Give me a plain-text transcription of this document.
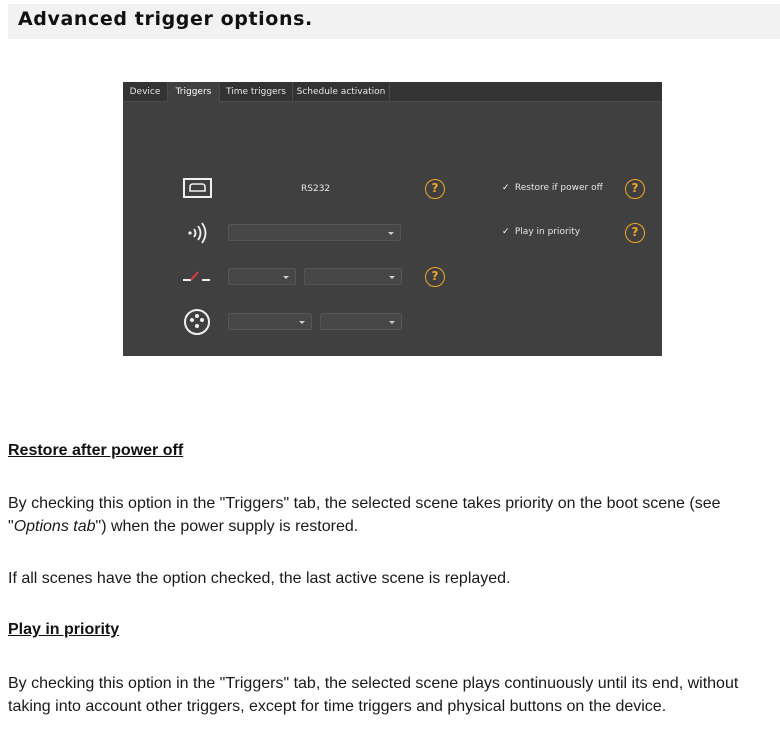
Advanced trigger options.
Device	Triggers	Time triggers	Schedule activation
RS232	?	✓ Restore if power off	?
✓ Play in priority	?
?
Restore after power off
By checking this option in the "Triggers" tab, the selected scene takes priority on the boot scene (see "Options tab") when the power supply is restored.
If all scenes have the option checked, the last active scene is replayed.
Play in priority
By checking this option in the "Triggers" tab, the selected scene plays continuously until its end, without taking into account other triggers, except for time triggers and physical buttons on the device.
